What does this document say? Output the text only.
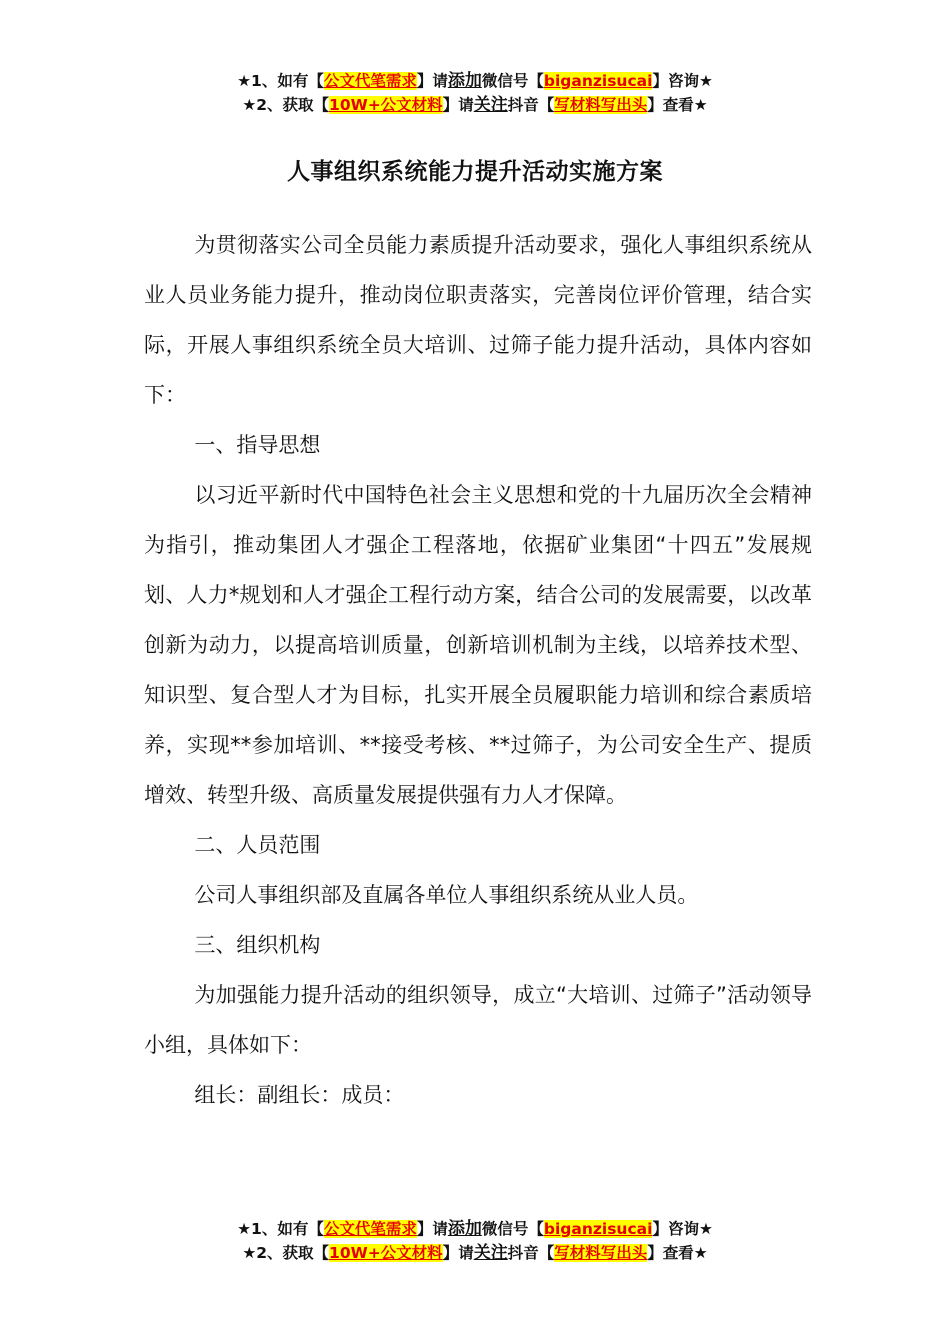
★1、如有【公文代笔需求】请添加微信号【biganzisucai】咨询★
★2、获取【10W+公文材料】请关注抖音【写材料写出头】查看★
人事组织系统能力提升活动实施方案

为贯彻落实公司全员能力素质提升活动要求，强化人事组织系统从业人员业务能力提升，推动岗位职责落实，完善岗位评价管理，结合实际，开展人事组织系统全员大培训、过筛子能力提升活动，具体内容如下：

一、指导思想

以习近平新时代中国特色社会主义思想和党的十九届历次全会精神为指引，推动集团人才强企工程落地，依据矿业集团“十四五”发展规划、人力*规划和人才强企工程行动方案，结合公司的发展需要，以改革创新为动力，以提高培训质量，创新培训机制为主线，以培养技术型、知识型、复合型人才为目标，扎实开展全员履职能力培训和综合素质培养，实现**参加培训、**接受考核、**过筛子，为公司安全生产、提质增效、转型升级、高质量发展提供强有力人才保障。

二、人员范围

公司人事组织部及直属各单位人事组织系统从业人员。

三、组织机构

为加强能力提升活动的组织领导，成立“大培训、过筛子”活动领导小组，具体如下：

组长：副组长：成员：

★1、如有【公文代笔需求】请添加微信号【biganzisucai】咨询★
★2、获取【10W+公文材料】请关注抖音【写材料写出头】查看★
